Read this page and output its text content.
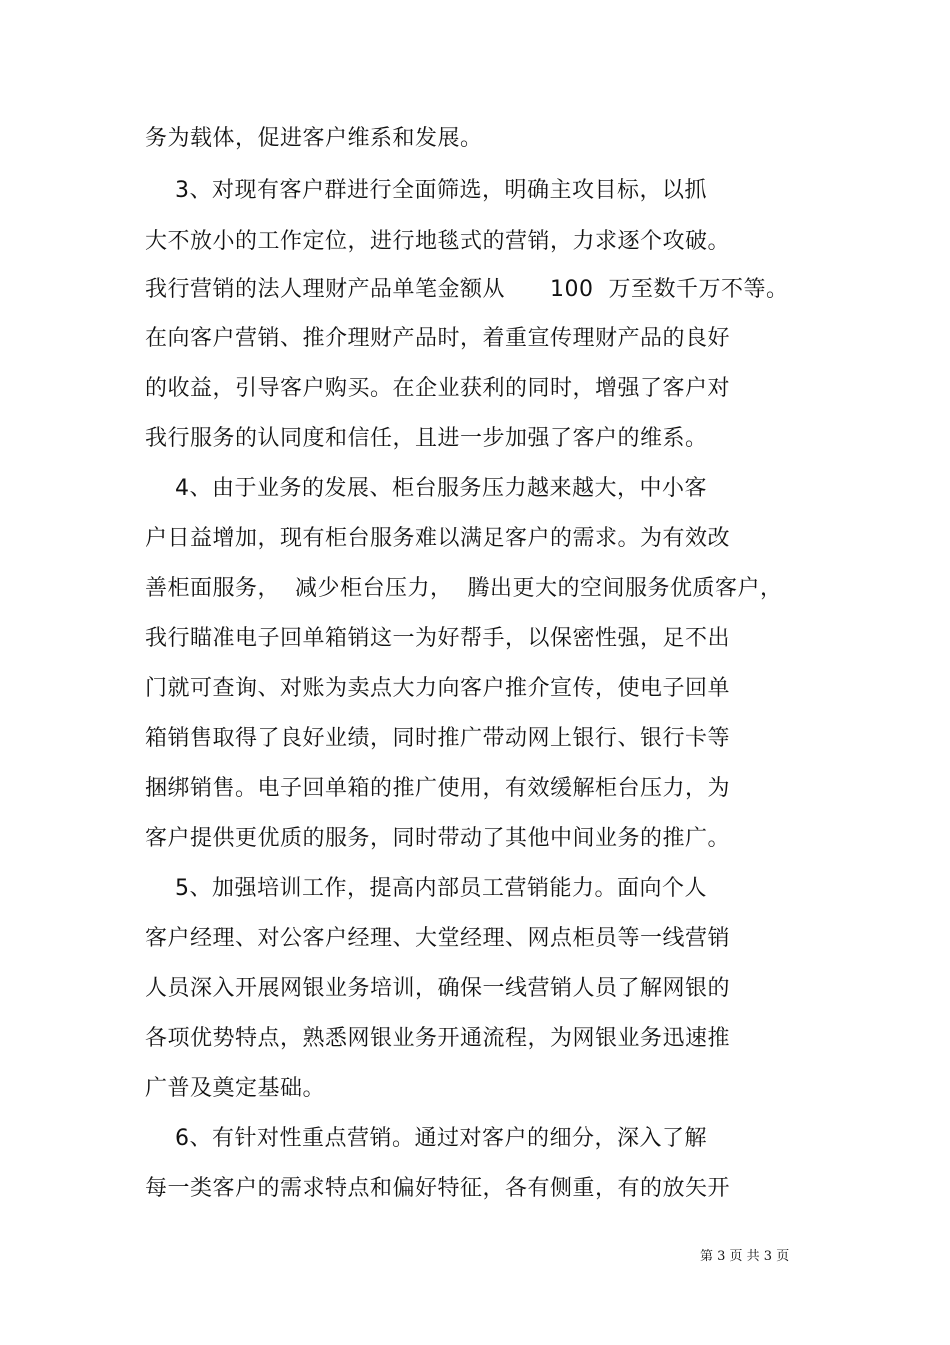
务为载体，促进客户维系和发展。
3、对现有客户群进行全面筛选，明确主攻目标，以抓
大不放小的工作定位，进行地毯式的营销，力求逐个攻破。
我行营销的法人理财产品单笔金额从      100  万至数千万不等。
在向客户营销、推介理财产品时，着重宣传理财产品的良好
的收益，引导客户购买。在企业获利的同时，增强了客户对
我行服务的认同度和信任，且进一步加强了客户的维系。
4、由于业务的发展、柜台服务压力越来越大，中小客
户日益增加，现有柜台服务难以满足客户的需求。为有效改
善柜面服务，  减少柜台压力，  腾出更大的空间服务优质客户，
我行瞄准电子回单箱销这一为好帮手，以保密性强，足不出
门就可查询、对账为卖点大力向客户推介宣传，使电子回单
箱销售取得了良好业绩，同时推广带动网上银行、银行卡等
捆绑销售。电子回单箱的推广使用，有效缓解柜台压力，为
客户提供更优质的服务，同时带动了其他中间业务的推广。
5、加强培训工作，提高内部员工营销能力。面向个人
客户经理、对公客户经理、大堂经理、网点柜员等一线营销
人员深入开展网银业务培训，确保一线营销人员了解网银的
各项优势特点，熟悉网银业务开通流程，为网银业务迅速推
广普及奠定基础。
6、有针对性重点营销。通过对客户的细分，深入了解
每一类客户的需求特点和偏好特征，各有侧重，有的放矢开
第 3 页 共 3 页
